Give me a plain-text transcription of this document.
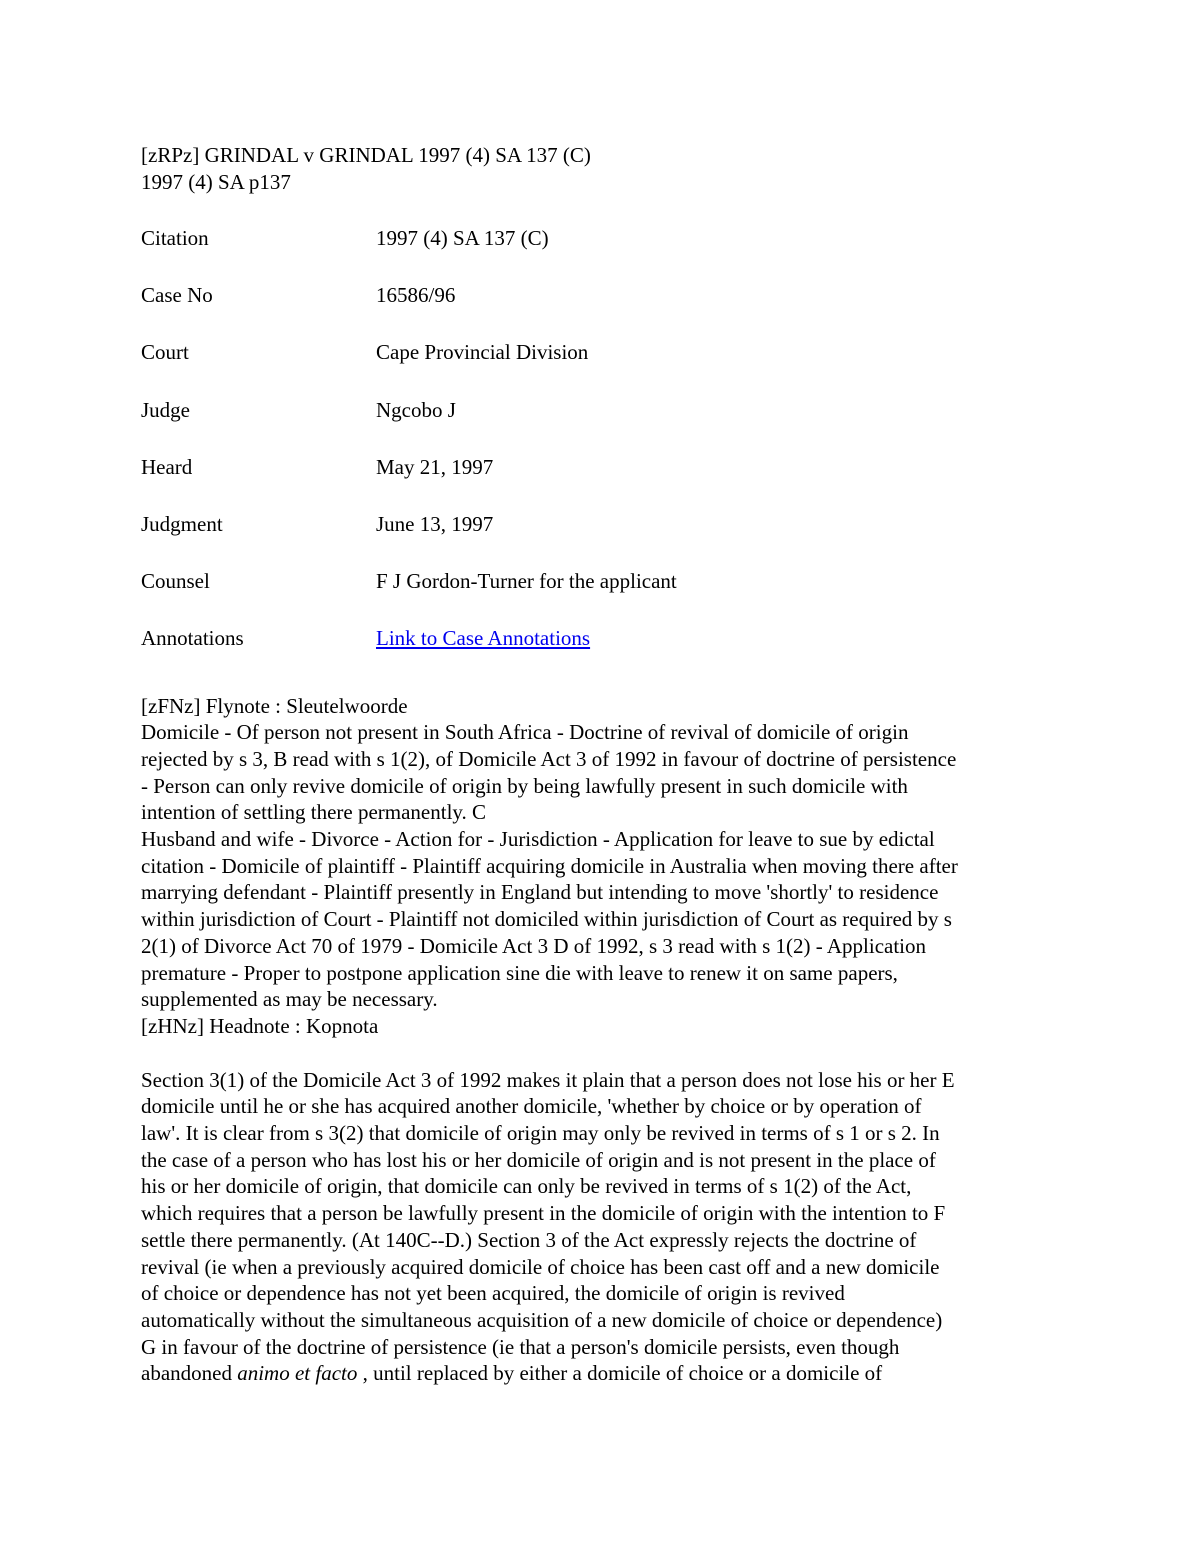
[zRPz] GRINDAL v GRINDAL 1997 (4) SA 137 (C)

1997 (4) SA p137

Citation	1997 (4) SA 137 (C)
Case No	16586/96
Court	Cape Provincial Division
Judge	Ngcobo J
Heard	May 21, 1997
Judgment	June 13, 1997
Counsel	F J Gordon-Turner for the applicant
Annotations	Link to Case Annotations

[zFNz] Flynote : Sleutelwoorde

Domicile - Of person not present in South Africa - Doctrine of revival of domicile of origin

rejected by s 3, B read with s 1(2), of Domicile Act 3 of 1992 in favour of doctrine of persistence

- Person can only revive domicile of origin by being lawfully present in such domicile with

intention of settling there permanently. C

Husband and wife - Divorce - Action for - Jurisdiction - Application for leave to sue by edictal

citation - Domicile of plaintiff - Plaintiff acquiring domicile in Australia when moving there after

marrying defendant - Plaintiff presently in England but intending to move 'shortly' to residence

within jurisdiction of Court - Plaintiff not domiciled within jurisdiction of Court as required by s

2(1) of Divorce Act 70 of 1979 - Domicile Act 3 D of 1992, s 3 read with s 1(2) - Application

premature - Proper to postpone application sine die with leave to renew it on same papers,

supplemented as may be necessary.

[zHNz] Headnote : Kopnota

Section 3(1) of the Domicile Act 3 of 1992 makes it plain that a person does not lose his or her E

domicile until he or she has acquired another domicile, 'whether by choice or by operation of

law'. It is clear from s 3(2) that domicile of origin may only be revived in terms of s 1 or s 2. In

the case of a person who has lost his or her domicile of origin and is not present in the place of

his or her domicile of origin, that domicile can only be revived in terms of s 1(2) of the Act,

which requires that a person be lawfully present in the domicile of origin with the intention to F

settle there permanently. (At 140C--D.) Section 3 of the Act expressly rejects the doctrine of

revival (ie when a previously acquired domicile of choice has been cast off and a new domicile

of choice or dependence has not yet been acquired, the domicile of origin is revived

automatically without the simultaneous acquisition of a new domicile of choice or dependence)

G in favour of the doctrine of persistence (ie that a person's domicile persists, even though

abandoned animo et facto , until replaced by either a domicile of choice or a domicile of
